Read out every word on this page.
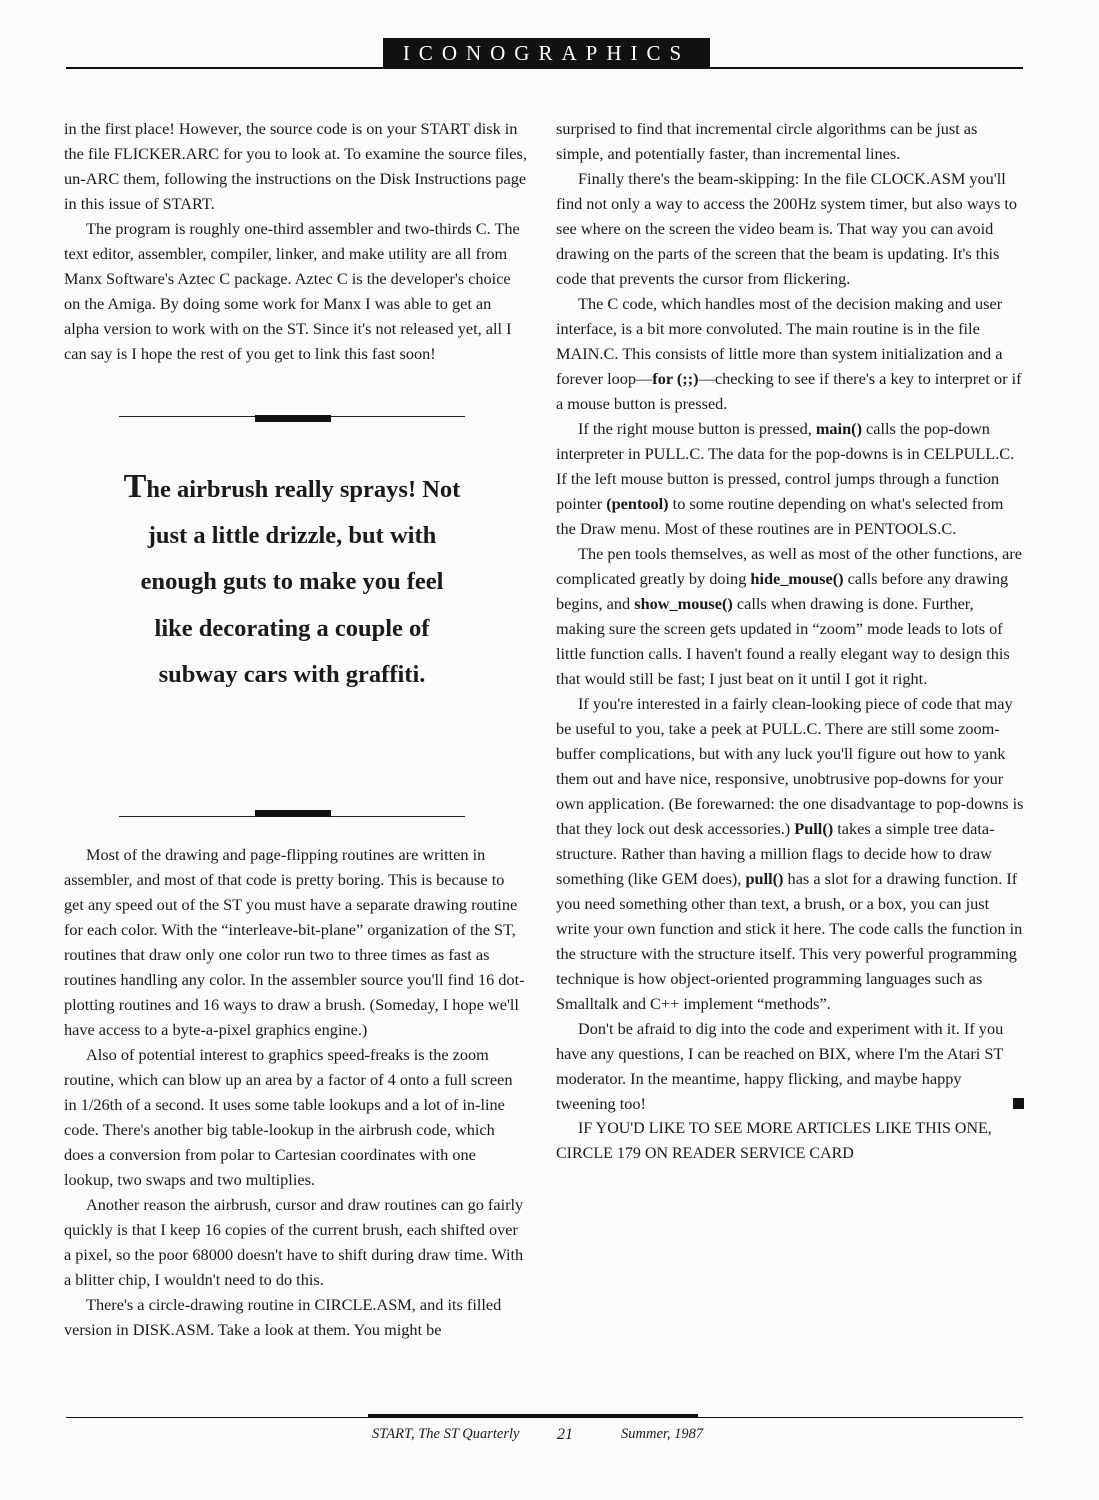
ICONOGRAPHICS

in the first place! However, the source code is on your START disk in the file FLICKER.ARC for you to look at. To examine the source files, un-ARC them, following the instructions on the Disk Instructions page in this issue of START.

The program is roughly one-third assembler and two-thirds C. The text editor, assembler, compiler, linker, and make utility are all from Manx Software's Aztec C package. Aztec C is the developer's choice on the Amiga. By doing some work for Manx I was able to get an alpha version to work with on the ST. Since it's not released yet, all I can say is I hope the rest of you get to link this fast soon!

The airbrush really sprays! Not just a little drizzle, but with enough guts to make you feel like decorating a couple of subway cars with graffiti.

Most of the drawing and page-flipping routines are written in assembler, and most of that code is pretty boring. This is because to get any speed out of the ST you must have a separate drawing routine for each color. With the “interleave-bit-plane” organization of the ST, routines that draw only one color run two to three times as fast as routines handling any color. In the assembler source you'll find 16 dot-plotting routines and 16 ways to draw a brush. (Someday, I hope we'll have access to a byte-a-pixel graphics engine.)

Also of potential interest to graphics speed-freaks is the zoom routine, which can blow up an area by a factor of 4 onto a full screen in 1/26th of a second. It uses some table lookups and a lot of in-line code. There's another big table-lookup in the airbrush code, which does a conversion from polar to Cartesian coordinates with one lookup, two swaps and two multiplies.

Another reason the airbrush, cursor and draw routines can go fairly quickly is that I keep 16 copies of the current brush, each shifted over a pixel, so the poor 68000 doesn't have to shift during draw time. With a blitter chip, I wouldn't need to do this.

There's a circle-drawing routine in CIRCLE.ASM, and its filled version in DISK.ASM. Take a look at them. You might be

surprised to find that incremental circle algorithms can be just as simple, and potentially faster, than incremental lines.

Finally there's the beam-skipping: In the file CLOCK.ASM you'll find not only a way to access the 200Hz system timer, but also ways to see where on the screen the video beam is. That way you can avoid drawing on the parts of the screen that the beam is updating. It's this code that prevents the cursor from flickering.

The C code, which handles most of the decision making and user interface, is a bit more convoluted. The main routine is in the file MAIN.C. This consists of little more than system initialization and a forever loop—for (;;)—checking to see if there's a key to interpret or if a mouse button is pressed.

If the right mouse button is pressed, main() calls the pop-down interpreter in PULL.C. The data for the pop-downs is in CELPULL.C. If the left mouse button is pressed, control jumps through a function pointer (pentool) to some routine depending on what's selected from the Draw menu. Most of these routines are in PENTOOLS.C.

The pen tools themselves, as well as most of the other functions, are complicated greatly by doing hide_mouse() calls before any drawing begins, and show_mouse() calls when drawing is done. Further, making sure the screen gets updated in “zoom” mode leads to lots of little function calls. I haven't found a really elegant way to design this that would still be fast; I just beat on it until I got it right.

If you're interested in a fairly clean-looking piece of code that may be useful to you, take a peek at PULL.C. There are still some zoom-buffer complications, but with any luck you'll figure out how to yank them out and have nice, responsive, unobtrusive pop-downs for your own application. (Be forewarned: the one disadvantage to pop-downs is that they lock out desk accessories.) Pull() takes a simple tree data-structure. Rather than having a million flags to decide how to draw something (like GEM does), pull() has a slot for a drawing function. If you need something other than text, a brush, or a box, you can just write your own function and stick it here. The code calls the function in the structure with the structure itself. This very powerful programming technique is how object-oriented programming languages such as Smalltalk and C++ implement “methods”.

Don't be afraid to dig into the code and experiment with it. If you have any questions, I can be reached on BIX, where I'm the Atari ST moderator. In the meantime, happy flicking, and maybe happy tweening too!

IF YOU'D LIKE TO SEE MORE ARTICLES LIKE THIS ONE, CIRCLE 179 ON READER SERVICE CARD

START, The ST Quarterly 21	Summer, 1987
